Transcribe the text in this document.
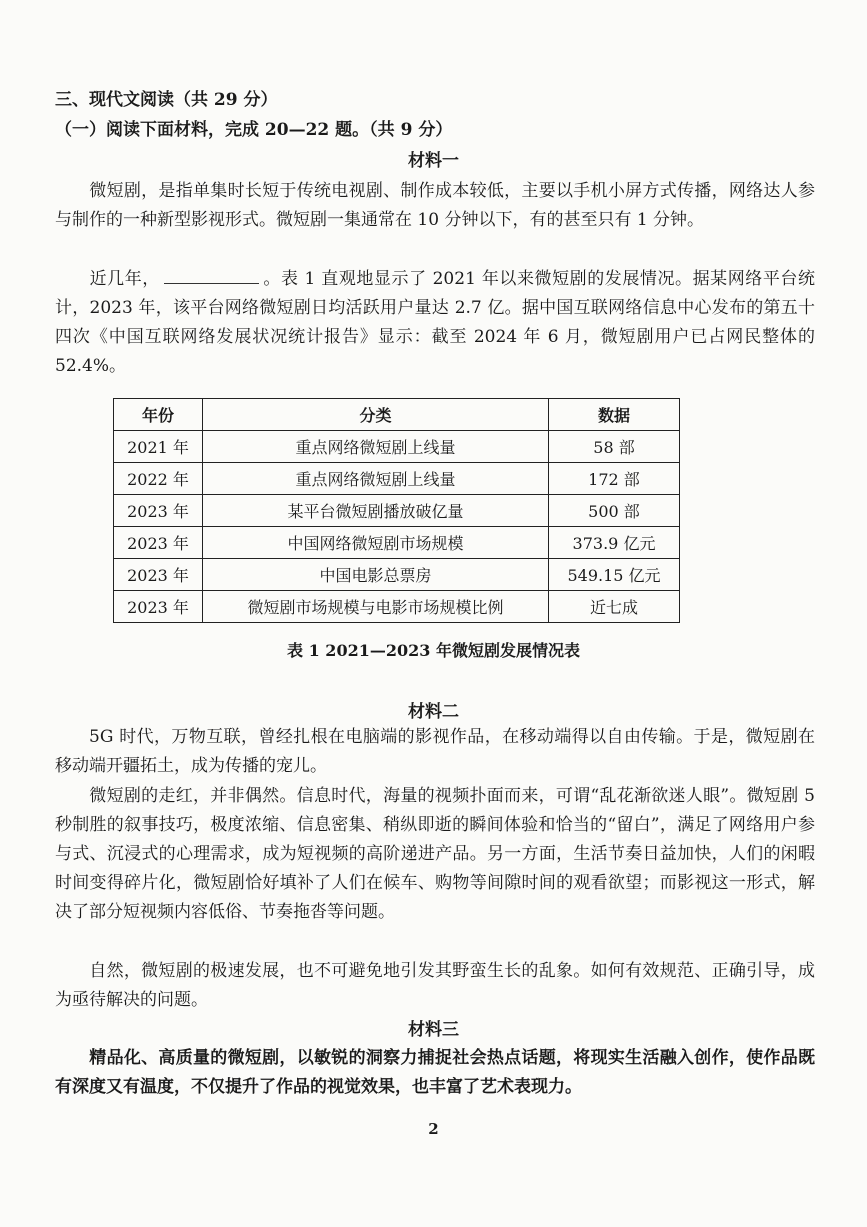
三、现代文阅读（共 29 分）
（一）阅读下面材料，完成 20—22 题。（共 9 分）
材料一
微短剧，是指单集时长短于传统电视剧、制作成本较低，主要以手机小屏方式传播，网络达人参与制作的一种新型影视形式。微短剧一集通常在 10 分钟以下，有的甚至只有 1 分钟。
近几年，	。表 1 直观地显示了 2021 年以来微短剧的发展情况。据某网络平台统计，2023 年，该平台网络微短剧日均活跃用户量达 2.7 亿。据中国互联网络信息中心发布的第五十四次《中国互联网络发展状况统计报告》显示：截至 2024 年 6 月，微短剧用户已占网民整体的 52.4%。
年份	分类	数据
2021 年	重点网络微短剧上线量	58 部
2022 年	重点网络微短剧上线量	172 部
2023 年	某平台微短剧播放破亿量	500 部
2023 年	中国网络微短剧市场规模	373.9 亿元
2023 年	中国电影总票房	549.15 亿元
2023 年	微短剧市场规模与电影市场规模比例	近七成
表 1 2021—2023 年微短剧发展情况表
材料二
5G 时代，万物互联，曾经扎根在电脑端的影视作品，在移动端得以自由传输。于是，微短剧在移动端开疆拓土，成为传播的宠儿。
微短剧的走红，并非偶然。信息时代，海量的视频扑面而来，可谓“乱花渐欲迷人眼”。微短剧 5 秒制胜的叙事技巧，极度浓缩、信息密集、稍纵即逝的瞬间体验和恰当的“留白”，满足了网络用户参与式、沉浸式的心理需求，成为短视频的高阶递进产品。另一方面，生活节奏日益加快，人们的闲暇时间变得碎片化，微短剧恰好填补了人们在候车、购物等间隙时间的观看欲望；而影视这一形式，解决了部分短视频内容低俗、节奏拖沓等问题。
自然，微短剧的极速发展，也不可避免地引发其野蛮生长的乱象。如何有效规范、正确引导，成为亟待解决的问题。
材料三
精品化、高质量的微短剧，以敏锐的洞察力捕捉社会热点话题，将现实生活融入创作，使作品既有深度又有温度，不仅提升了作品的视觉效果，也丰富了艺术表现力。
2
